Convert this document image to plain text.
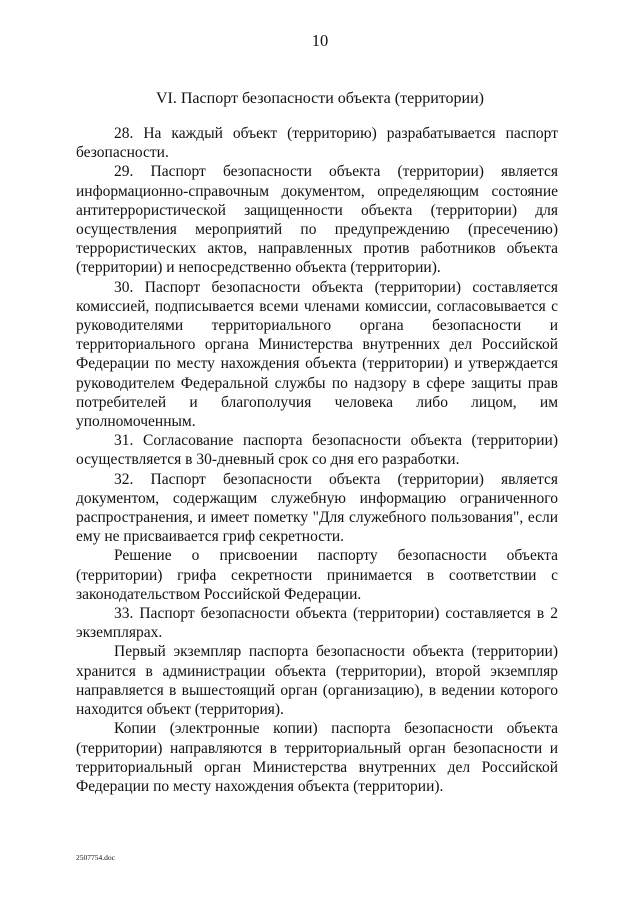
10
VI. Паспорт безопасности объекта (территории)

28. На каждый объект (территорию) разрабатывается паспорт безопасности.

29. Паспорт безопасности объекта (территории) является информационно-справочным документом, определяющим состояние антитеррористической защищенности объекта (территории) для осуществления мероприятий по предупреждению (пресечению) террористических актов, направленных против работников объекта (территории) и непосредственно объекта (территории).

30. Паспорт безопасности объекта (территории) составляется комиссией, подписывается всеми членами комиссии, согласовывается с руководителями территориального органа безопасности и территориального органа Министерства внутренних дел Российской Федерации по месту нахождения объекта (территории) и утверждается руководителем Федеральной службы по надзору в сфере защиты прав потребителей и благополучия человека либо лицом, им уполномоченным.

31. Согласование паспорта безопасности объекта (территории) осуществляется в 30-дневный срок со дня его разработки.

32. Паспорт безопасности объекта (территории) является документом, содержащим служебную информацию ограниченного распространения, и имеет пометку "Для служебного пользования", если ему не присваивается гриф секретности.

Решение о присвоении паспорту безопасности объекта (территории) грифа секретности принимается в соответствии с законодательством Российской Федерации.

33. Паспорт безопасности объекта (территории) составляется в 2 экземплярах.

Первый экземпляр паспорта безопасности объекта (территории) хранится в администрации объекта (территории), второй экземпляр направляется в вышестоящий орган (организацию), в ведении которого находится объект (территория).

Копии (электронные копии) паспорта безопасности объекта (территории) направляются в территориальный орган безопасности и территориальный орган Министерства внутренних дел Российской Федерации по месту нахождения объекта (территории).

2507754.doc
